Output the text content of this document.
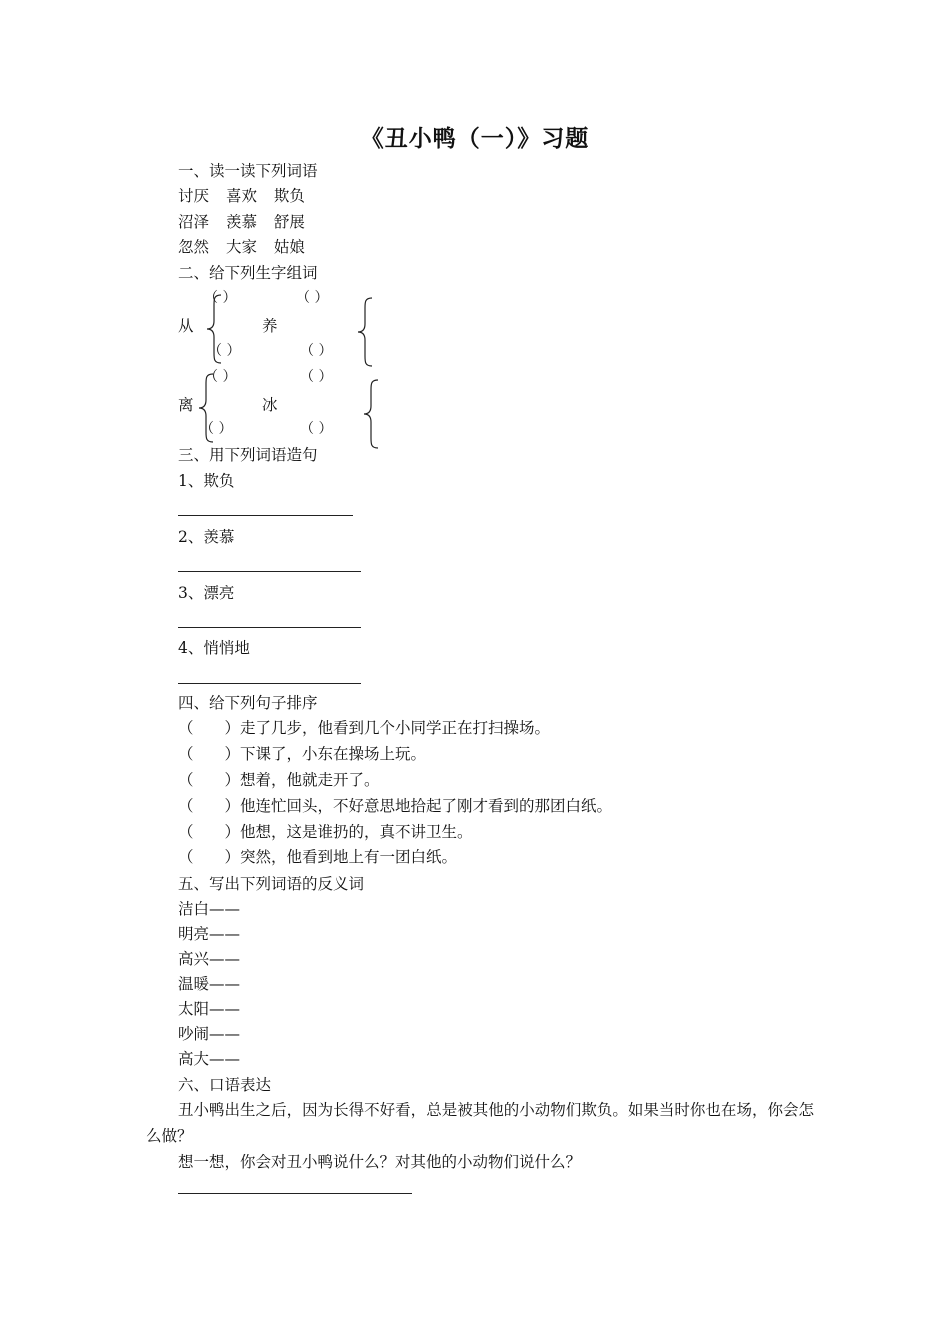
《丑小鸭（一）》习题
一、读一读下列词语
讨厌 喜欢 欺负
沼泽 羡慕 舒展
忽然 大家 姑娘
二、给下列生字组词
（ ）	（ ）
从	养
（ ）	（ ）
（ ）	（ ）
离	冰
（ ）	（ ）
三、用下列词语造句
1、欺负
2、羡慕
3、漂亮
4、悄悄地
四、给下列句子排序
（　　）走了几步，他看到几个小同学正在打扫操场。
（　　）下课了，小东在操场上玩。
（　　）想着，他就走开了。
（　　）他连忙回头，不好意思地拾起了刚才看到的那团白纸。
（　　）他想，这是谁扔的，真不讲卫生。
（　　）突然，他看到地上有一团白纸。
五、写出下列词语的反义词
洁白——
明亮——
高兴——
温暖——
太阳——
吵闹——
高大——
六、口语表达
丑小鸭出生之后，因为长得不好看，总是被其他的小动物们欺负。如果当时你也在场，你会怎么做？
想一想，你会对丑小鸭说什么？对其他的小动物们说什么？
